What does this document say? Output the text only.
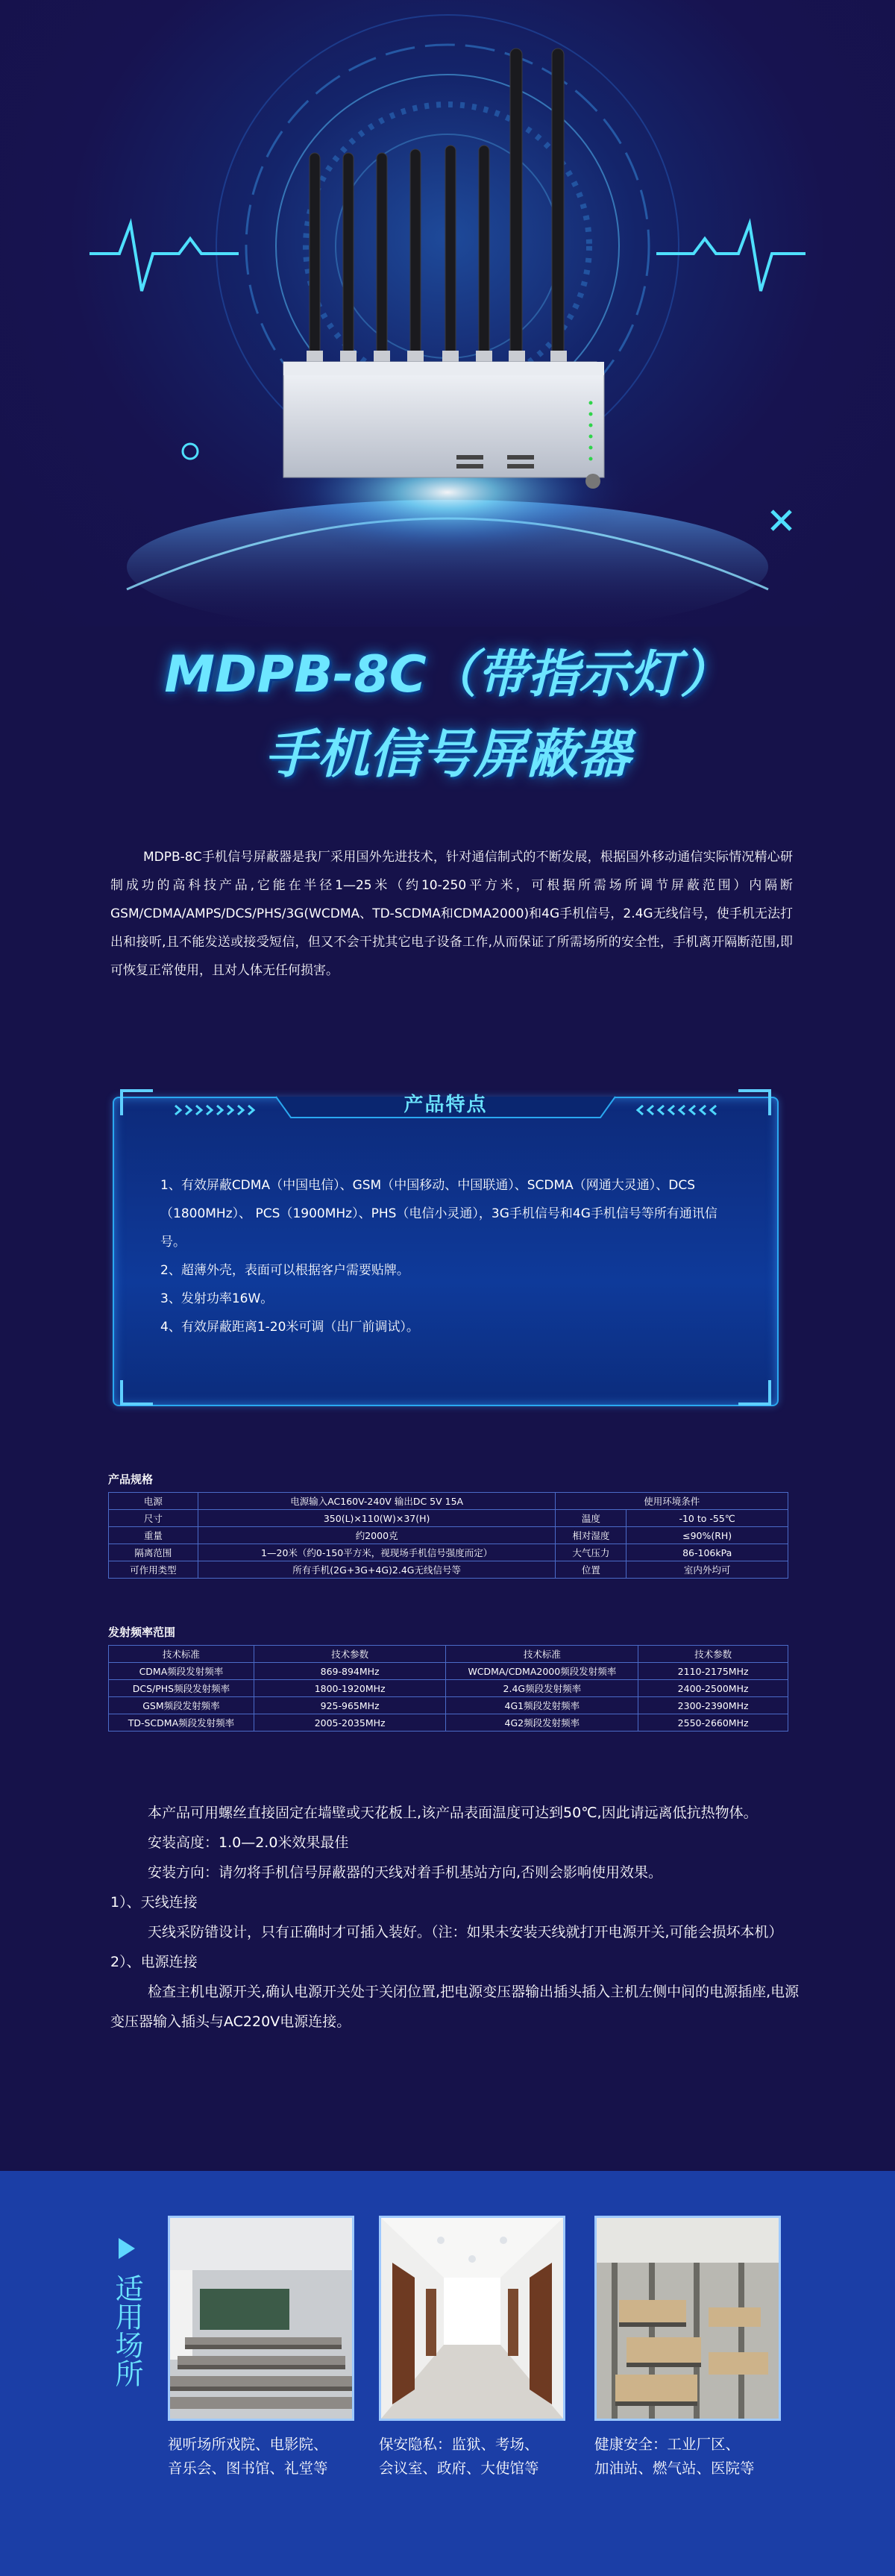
MDPB-8C（带指示灯）
手机信号屏蔽器
MDPB-8C手机信号屏蔽器是我厂采用国外先进技术，针对通信制式的不断发展，根据国外移动通信实际情况精心研制成功的高科技产品,它能在半径1—25米（约10-250平方米，可根据所需场所调节屏蔽范围）内隔断GSM/CDMA/AMPS/DCS/PHS/3G(WCDMA、TD-SCDMA和CDMA2000)和4G手机信号，2.4G无线信号，使手机无法打出和接听,且不能发送或接受短信，但又不会干扰其它电子设备工作,从而保证了所需场所的安全性，手机离开隔断范围,即可恢复正常使用，且对人体无任何损害。
产品特点
1、有效屏蔽CDMA（中国电信）、GSM（中国移动、中国联通）、SCDMA（网通大灵通）、DCS（1800MHz）、 PCS（1900MHz）、PHS（电信小灵通），3G手机信号和4G手机信号等所有通讯信号。
2、超薄外壳，表面可以根据客户需要贴牌。
3、发射功率16W。
4、有效屏蔽距离1-20米可调（出厂前调试）。
产品规格
电源	电源输入AC160V-240V 输出DC 5V 15A	使用环境条件	
尺寸	350(L)×110(W)×37(H)	温度	-10 to -55℃
重量	约2000克	相对湿度	≤90%(RH)
隔离范围	1—20米（约0-150平方米，视现场手机信号强度而定）	大气压力	86-106kPa
可作用类型	所有手机(2G+3G+4G)2.4G无线信号等	位置	室内外均可
发射频率范围
技术标准	技术参数	技术标准	技术参数
CDMA频段发射频率	869-894MHz	WCDMA/CDMA2000频段发射频率	2110-2175MHz
DCS/PHS频段发射频率	1800-1920MHz	2.4G频段发射频率	2400-2500MHz
GSM频段发射频率	925-965MHz	4G1频段发射频率	2300-2390MHz
TD-SCDMA频段发射频率	2005-2035MHz	4G2频段发射频率	2550-2660MHz

本产品可用螺丝直接固定在墙壁或天花板上,该产品表面温度可达到50℃,因此请远离低抗热物体。

安装高度：1.0—2.0米效果最佳

安装方向：请勿将手机信号屏蔽器的天线对着手机基站方向,否则会影响使用效果。

1）、天线连接

天线采防错设计，只有正确时才可插入装好。（注：如果未安装天线就打开电源开关,可能会损坏本机）

2）、电源连接

检查主机电源开关,确认电源开关处于关闭位置,把电源变压器输出插头插入主机左侧中间的电源插座,电源变压器输入插头与AC220V电源连接。

适用场所
视听场所戏院、电影院、
音乐会、图书馆、礼堂等
保安隐私：监狱、考场、
会议室、政府、大使馆等
健康安全：工业厂区、
加油站、燃气站、医院等
